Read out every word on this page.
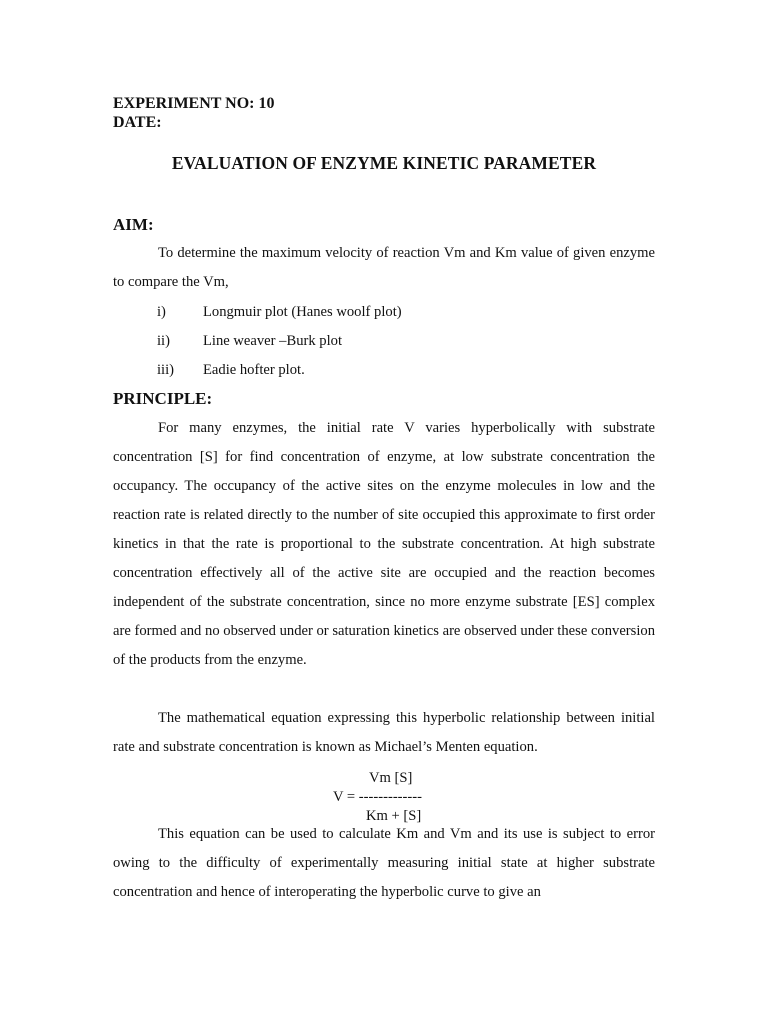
EXPERIMENT NO: 10
DATE:
EVALUATION OF ENZYME KINETIC PARAMETER
AIM:
To determine the maximum velocity of reaction Vm and Km value of given enzyme to compare the Vm,
i)	Longmuir plot (Hanes woolf plot)
ii) Line weaver –Burk plot
iii) Eadie hofter plot.
PRINCIPLE:
For many enzymes, the initial rate V varies hyperbolically with substrate concentration [S] for find concentration of enzyme, at low substrate concentration the occupancy. The occupancy of the active sites on the enzyme molecules in low and the reaction rate is related directly to the number of site occupied this approximate to first order kinetics in that the rate is proportional to the substrate concentration. At high substrate concentration effectively all of the active site are occupied and the reaction becomes independent of the substrate concentration, since no more enzyme substrate [ES] complex are formed and no observed under or saturation kinetics are observed under these conversion of the products from the enzyme.
The mathematical equation expressing this hyperbolic relationship between initial rate and substrate concentration is known as Michael’s Menten equation.
Vm [S]
V = -------------
Km + [S]
This equation can be used to calculate Km and Vm and its use is subject to error owing to the difficulty of experimentally measuring initial state at higher substrate concentration and hence of interoperating the hyperbolic curve to give an
